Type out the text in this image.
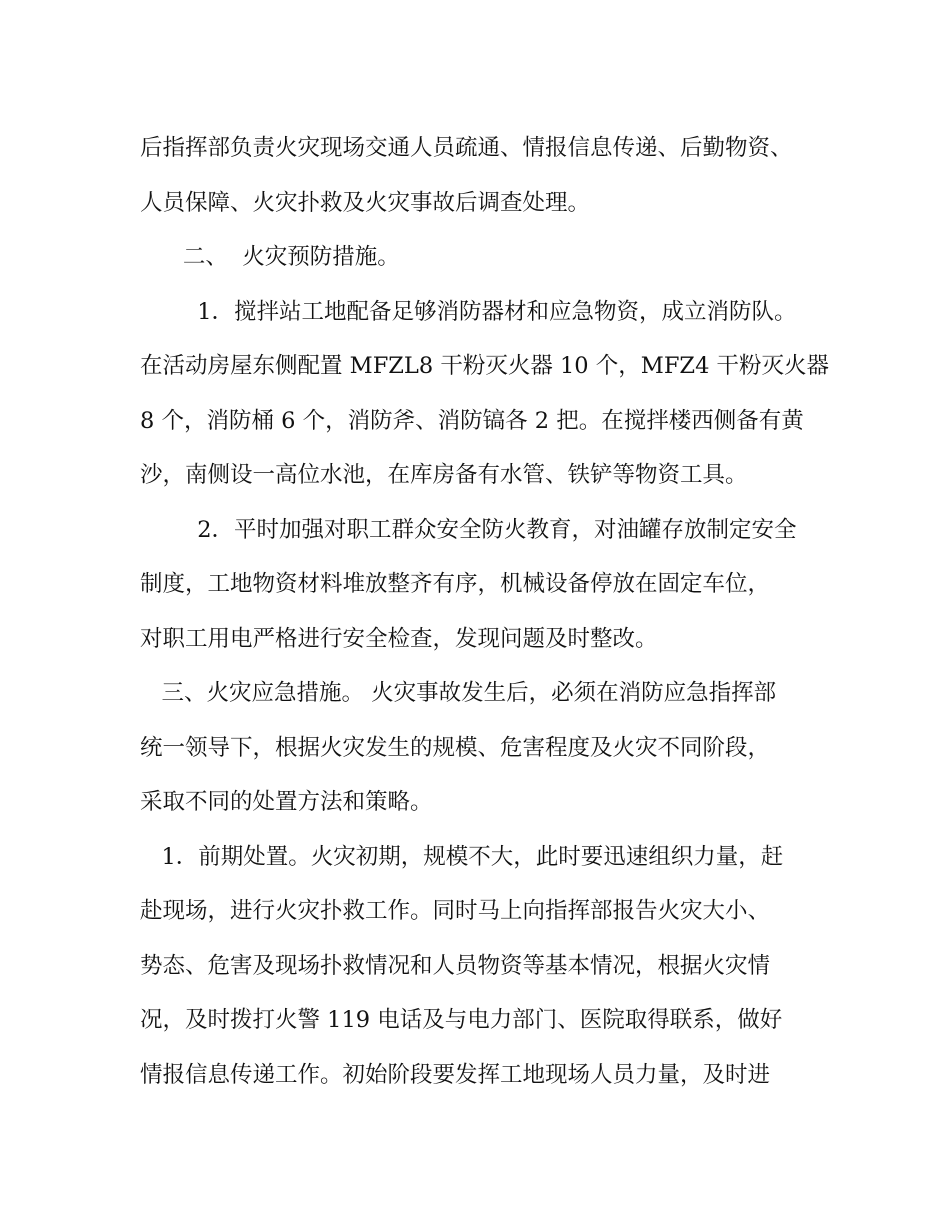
后指挥部负责火灾现场交通人员疏通、情报信息传递、后勤物资、
人员保障、火灾扑救及火灾事故后调查处理。
二、  火灾预防措施。
1．搅拌站工地配备足够消防器材和应急物资，成立消防队。
在活动房屋东侧配置 MFZL8 干粉灭火器 10 个，MFZ4 干粉灭火器
8 个，消防桶 6 个，消防斧、消防镐各 2 把。在搅拌楼西侧备有黄
沙，南侧设一高位水池，在库房备有水管、铁铲等物资工具。
2．平时加强对职工群众安全防火教育，对油罐存放制定安全
制度，工地物资材料堆放整齐有序，机械设备停放在固定车位，
对职工用电严格进行安全检查，发现问题及时整改。
三、火灾应急措施。 火灾事故发生后，必须在消防应急指挥部
统一领导下，根据火灾发生的规模、危害程度及火灾不同阶段，
采取不同的处置方法和策略。
1．前期处置。火灾初期，规模不大，此时要迅速组织力量，赶
赴现场，进行火灾扑救工作。同时马上向指挥部报告火灾大小、
势态、危害及现场扑救情况和人员物资等基本情况，根据火灾情
况，及时拨打火警 119 电话及与电力部门、医院取得联系，做好
情报信息传递工作。初始阶段要发挥工地现场人员力量，及时进
